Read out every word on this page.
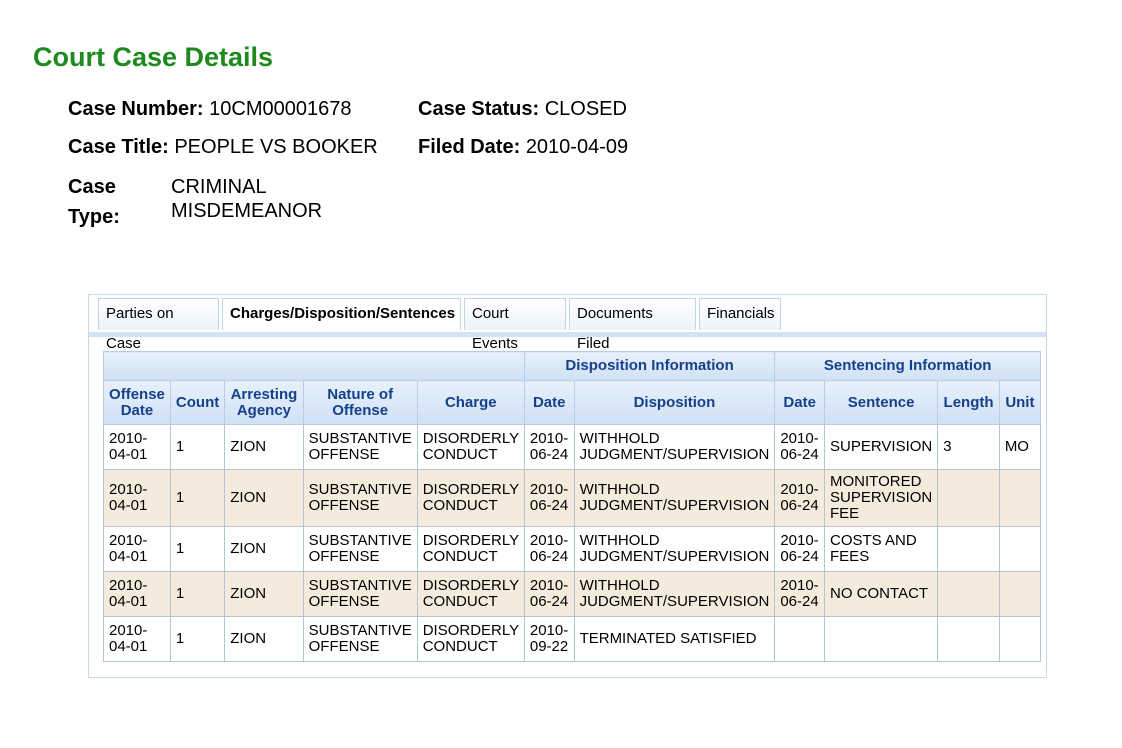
Court Case Details
Case Number: 10CM00001678	Case Status: CLOSED
Case Title: PEOPLE VS BOOKER Filed Date: 2010-04-09
Case Type:
CRIMINAL MISDEMEANOR
Parties on Case
Charges/Disposition/Sentences	Court Events
Documents Filed
Financials
					Disposition Information		Sentencing Information			
Offense Date	Count	Arresting Agency	Nature of Offense	Charge	Date	Disposition	Date	Sentence	Length	Unit
2010-04-01	1	ZION	SUBSTANTIVE OFFENSE	DISORDERLY CONDUCT	2010-06-24	WITHHOLD JUDGMENT/SUPERVISION	2010-06-24	SUPERVISION	3	MO
2010-04-01	1	ZION	SUBSTANTIVE OFFENSE	DISORDERLY CONDUCT	2010-06-24	WITHHOLD JUDGMENT/SUPERVISION	2010-06-24	MONITORED SUPERVISION FEE		
2010-04-01	1	ZION	SUBSTANTIVE OFFENSE	DISORDERLY CONDUCT	2010-06-24	WITHHOLD JUDGMENT/SUPERVISION	2010-06-24	COSTS AND FEES		
2010-04-01	1	ZION	SUBSTANTIVE OFFENSE	DISORDERLY CONDUCT	2010-06-24	WITHHOLD JUDGMENT/SUPERVISION	2010-06-24	NO CONTACT		
2010-04-01	1	ZION	SUBSTANTIVE OFFENSE	DISORDERLY CONDUCT	2010-09-22	TERMINATED SATISFIED				
